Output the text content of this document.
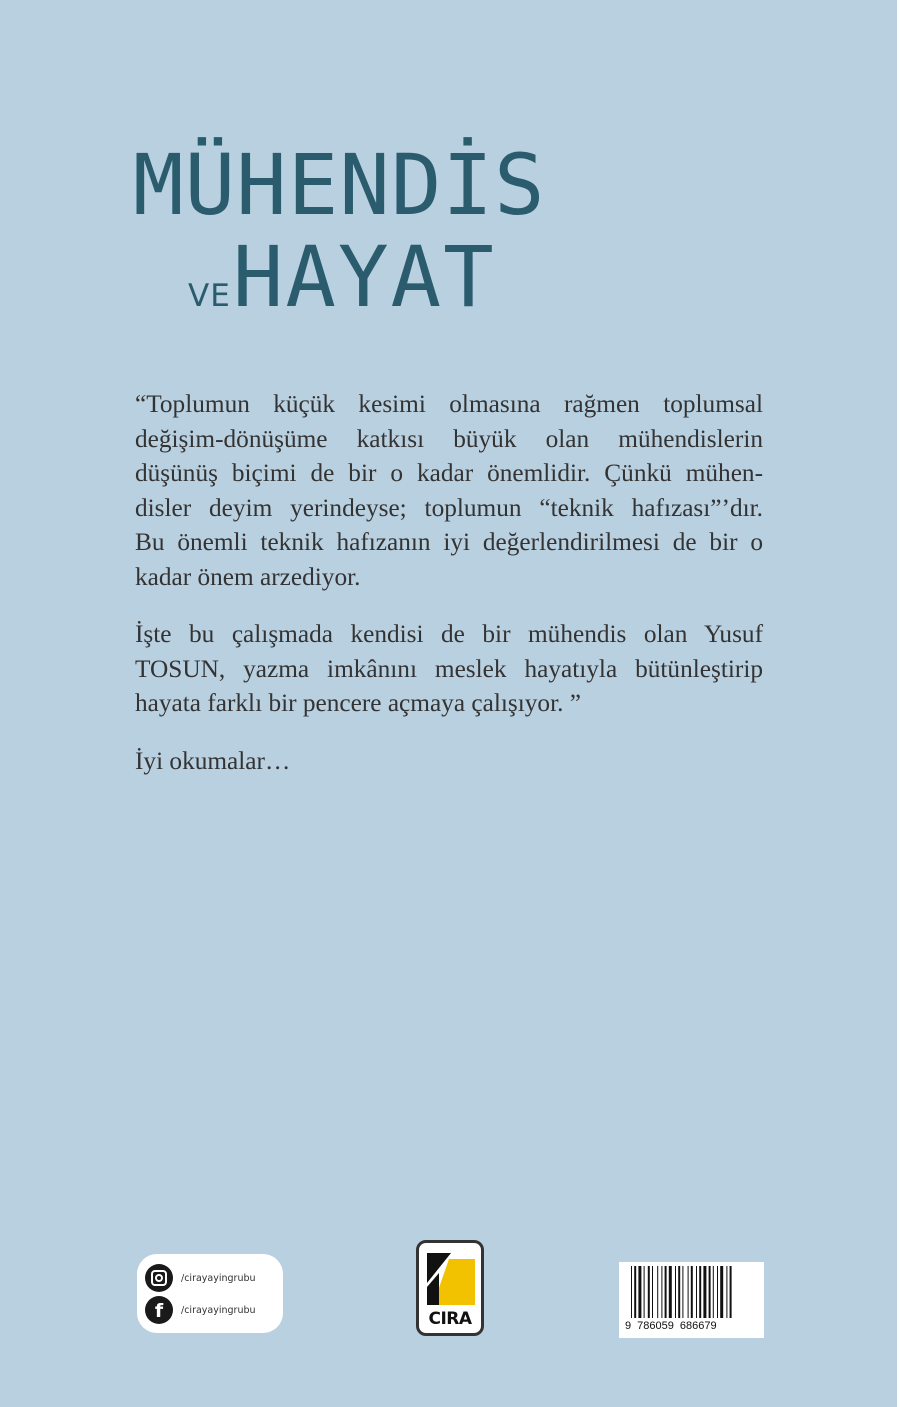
MÜHENDİS
VEHAYAT

“Toplumun küçük kesimi olmasına rağmen toplumsal
değişim-dönüşüme katkısı büyük olan mühendislerin
düşünüş biçimi de bir o kadar önemlidir. Çünkü mühen-
disler deyim yerindeyse; toplumun “teknik hafızası”’dır.
Bu önemli teknik hafızanın iyi değerlendirilmesi de bir o
kadar önem arzediyor.

İşte bu çalışmada kendisi de bir mühendis olan Yusuf
TOSUN, yazma imkânını meslek hayatıyla bütünleştirip
hayata farklı bir pencere açmaya çalışıyor. ”

İyi okumalar…

/cirayayingrubu
f	/cirayayingrubu	CIRA	9 786059 686679
